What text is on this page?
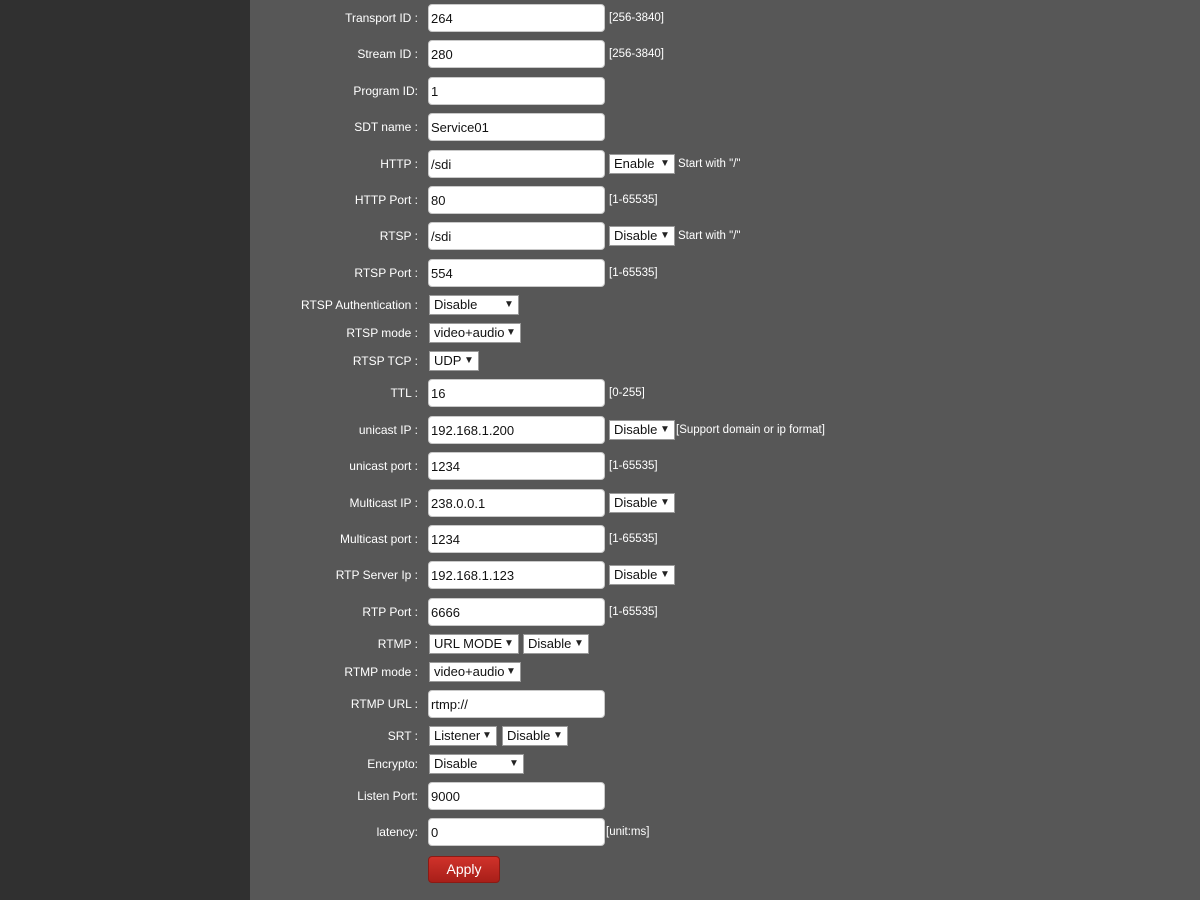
Transport ID :
264	[256-3840]
Stream ID :
280	[256-3840]
Program ID:
1
SDT name :
Service01
HTTP :
/sdi	Enable ▼ Start with "/"
HTTP Port :
80	[1-65535]
RTSP :
/sdi	Disable ▼ Start with "/"
RTSP Port :
554	[1-65535]
RTSP Authentication :	Disable	▼
RTSP mode :	video+audio ▼
RTSP TCP :	UDP ▼
TTL :
16	[0-255]
unicast IP :
192.168.1.200	Disable ▼ [Support domain or ip format]
unicast port :
1234	[1-65535]
Multicast IP :
238.0.0.1	Disable ▼
Multicast port :
1234	[1-65535]
RTP Server Ip :
192.168.1.123	Disable ▼
RTP Port :
6666	[1-65535]
RTMP :	URL MODE ▼	Disable ▼
RTMP mode :	video+audio ▼
RTMP URL :
rtmp://
SRT :	Listener ▼	Disable ▼
Encrypto:	Disable	▼
Listen Port:
9000
latency:
0	[unit:ms]
Apply
